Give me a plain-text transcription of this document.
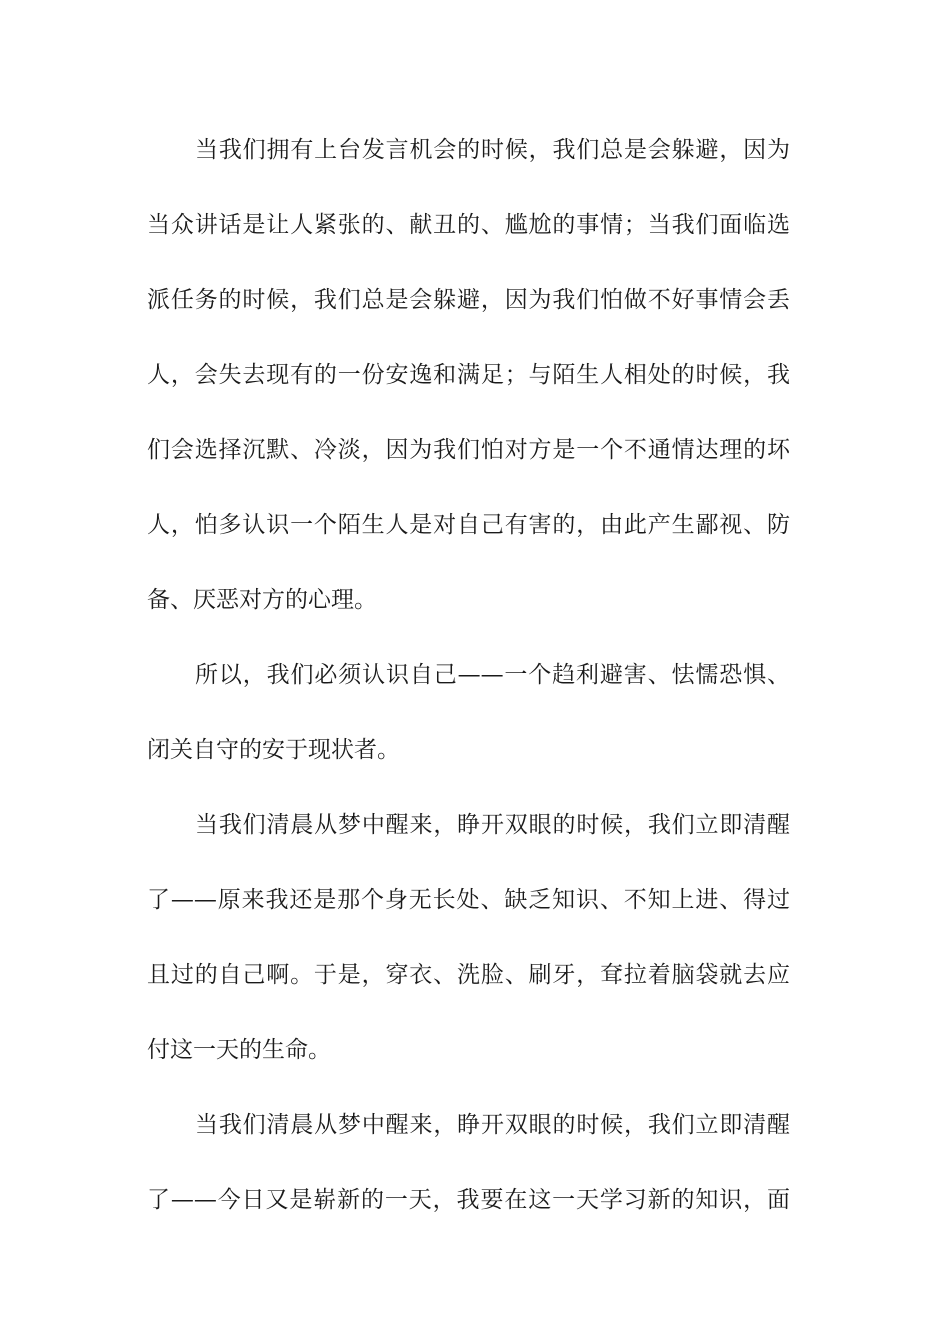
当我们拥有上台发言机会的时候，我们总是会躲避，因为
当众讲话是让人紧张的、献丑的、尴尬的事情；当我们面临选
派任务的时候，我们总是会躲避，因为我们怕做不好事情会丢
人，会失去现有的一份安逸和满足；与陌生人相处的时候，我
们会选择沉默、冷淡，因为我们怕对方是一个不通情达理的坏
人，怕多认识一个陌生人是对自己有害的，由此产生鄙视、防
备、厌恶对方的心理。
所以，我们必须认识自己——一个趋利避害、怯懦恐惧、
闭关自守的安于现状者。
当我们清晨从梦中醒来，睁开双眼的时候，我们立即清醒
了——原来我还是那个身无长处、缺乏知识、不知上进、得过
且过的自己啊。于是，穿衣、洗脸、刷牙，耷拉着脑袋就去应
付这一天的生命。
当我们清晨从梦中醒来，睁开双眼的时候，我们立即清醒
了——今日又是崭新的一天，我要在这一天学习新的知识，面
